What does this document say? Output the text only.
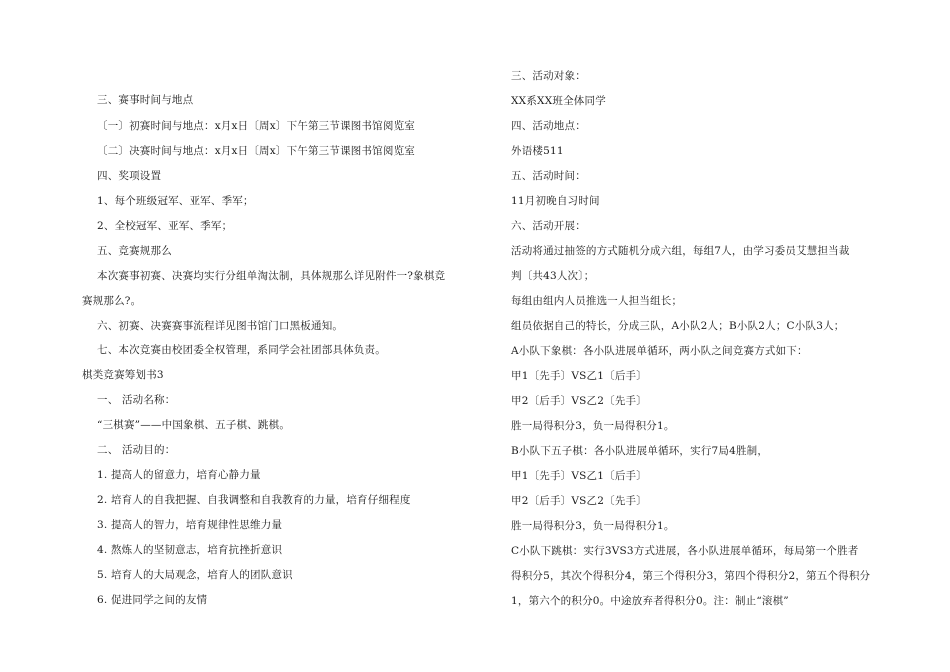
三、赛事时间与地点
〔一〕初赛时间与地点：x月x日〔周x〕下午第三节课图书馆阅览室
〔二〕决赛时间与地点：x月x日〔周x〕下午第三节课图书馆阅览室
四、奖项设置
1、每个班级冠军、亚军、季军；
2、全校冠军、亚军、季军；
五、竞赛规那么
本次赛事初赛、决赛均实行分组单淘汰制，具体规那么详见附件一?象棋竞
赛规那么?。
六、初赛、决赛赛事流程详见图书馆门口黑板通知。
七、本次竞赛由校团委全权管理，系同学会社团部具体负责。
棋类竞赛筹划书3
一、 活动名称：
“三棋赛”——中国象棋、五子棋、跳棋。
二、 活动目的：
1. 提高人的留意力，培育心静力量
2. 培育人的自我把握、自我调整和自我教育的力量，培育仔细程度
3. 提高人的智力，培育规律性思维力量
4. 熬炼人的坚韧意志，培育抗挫折意识
5. 培育人的大局观念，培育人的团队意识
6. 促进同学之间的友情
三、活动对象：
XX系XX班全体同学
四、活动地点：
外语楼511
五、活动时间：
11月初晚自习时间
六、活动开展：
活动将通过抽签的方式随机分成六组，每组7人，由学习委员艾慧担当裁
判〔共43人次〕；
每组由组内人员推选一人担当组长；
组员依据自己的特长，分成三队，A小队2人；B小队2人；C小队3人；
A小队下象棋：各小队进展单循环，两小队之间竞赛方式如下：
甲1〔先手〕VS乙1〔后手〕
甲2〔后手〕VS乙2〔先手〕
胜一局得积分3，负一局得积分1。
B小队下五子棋：各小队进展单循环，实行7局4胜制，
甲1〔先手〕VS乙1〔后手〕
甲2〔后手〕VS乙2〔先手〕
胜一局得积分3，负一局得积分1。
C小队下跳棋：实行3VS3方式进展，各小队进展单循环，每局第一个胜者
得积分5，其次个得积分4，第三个得积分3，第四个得积分2，第五个得积分
1，第六个的积分0。中途放弃者得积分0。注：制止“滚棋”
